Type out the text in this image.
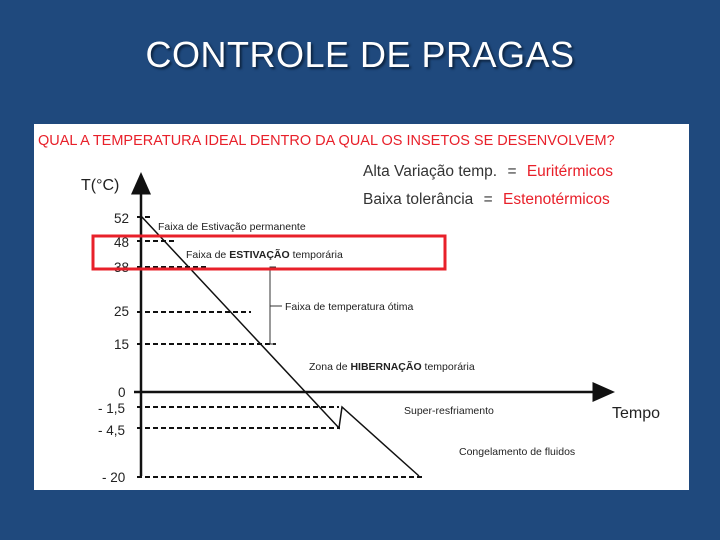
CONTROLE DE PRAGAS
QUAL A TEMPERATURA IDEAL DENTRO DA QUAL OS INSETOS SE DESENVOLVEM?
Alta Variação temp. = Euritérmicos
Baixa tolerância = Estenotérmicos
T(°C)
Tempo
52
48
38
25
15
0
- 1,5
- 4,5
- 20
Faixa de Estivação permanente
Faixa de ESTIVAÇÃO temporária
Faixa de temperatura ótima
Zona de HIBERNAÇÃO temporária
Super-resfriamento
Congelamento de fluidos
